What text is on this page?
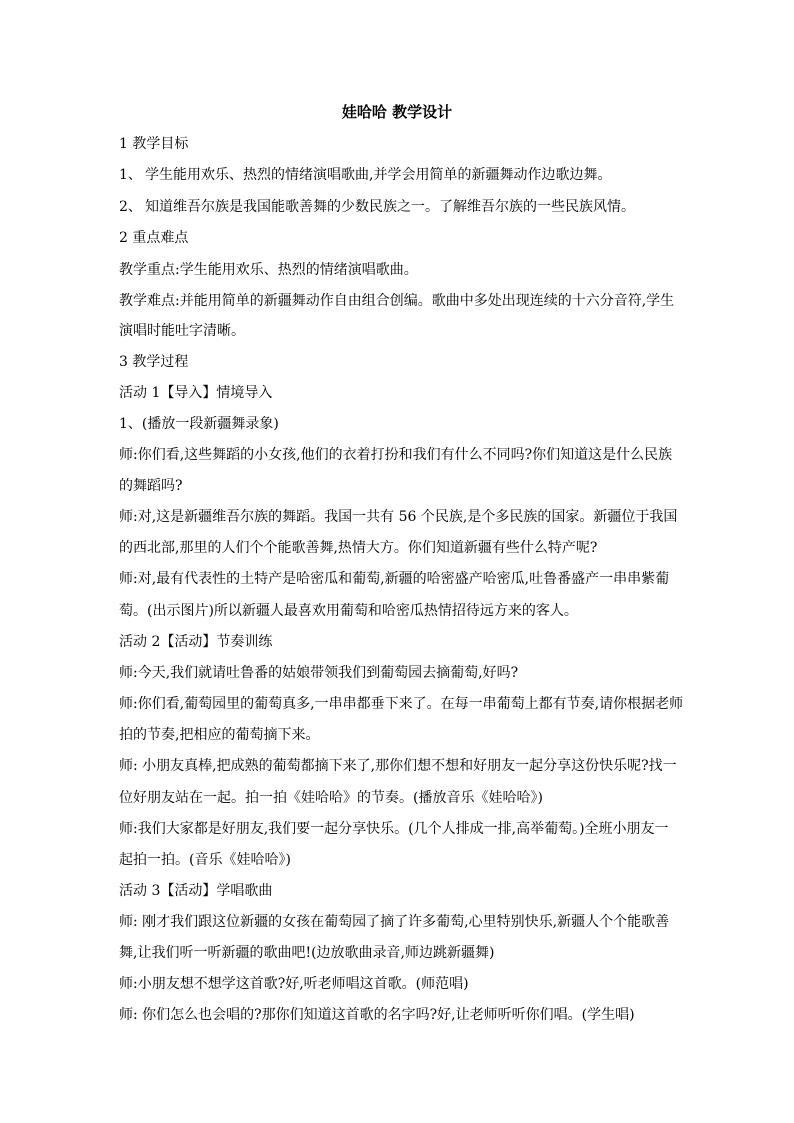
娃哈哈 教学设计
1 教学目标
1、 学生能用欢乐、热烈的情绪演唱歌曲,并学会用简单的新疆舞动作边歌边舞。
2、 知道维吾尔族是我国能歌善舞的少数民族之一。了解维吾尔族的一些民族风情。
2 重点难点
教学重点:学生能用欢乐、热烈的情绪演唱歌曲。
教学难点:并能用简单的新疆舞动作自由组合创编。歌曲中多处出现连续的十六分音符,学生
演唱时能吐字清晰。
3 教学过程
活动 1【导入】情境导入
1、(播放一段新疆舞录象)
师:你们看,这些舞蹈的小女孩,他们的衣着打扮和我们有什么不同吗?你们知道这是什么民族
的舞蹈吗?
师:对,这是新疆维吾尔族的舞蹈。我国一共有 56 个民族,是个多民族的国家。新疆位于我国
的西北部,那里的人们个个能歌善舞,热情大方。你们知道新疆有些什么特产呢?
师:对,最有代表性的土特产是哈密瓜和葡萄,新疆的哈密盛产哈密瓜,吐鲁番盛产一串串紫葡
萄。(出示图片)所以新疆人最喜欢用葡萄和哈密瓜热情招待远方来的客人。
活动 2【活动】节奏训练
师:今天,我们就请吐鲁番的姑娘带领我们到葡萄园去摘葡萄,好吗?
师:你们看,葡萄园里的葡萄真多,一串串都垂下来了。在每一串葡萄上都有节奏,请你根据老师
拍的节奏,把相应的葡萄摘下来。
师: 小朋友真棒,把成熟的葡萄都摘下来了,那你们想不想和好朋友一起分享这份快乐呢?找一
位好朋友站在一起。拍一拍《娃哈哈》的节奏。(播放音乐《娃哈哈》)
师:我们大家都是好朋友,我们要一起分享快乐。(几个人排成一排,高举葡萄。)全班小朋友一
起拍一拍。(音乐《娃哈哈》)
活动 3【活动】学唱歌曲
师: 刚才我们跟这位新疆的女孩在葡萄园了摘了许多葡萄,心里特别快乐,新疆人个个能歌善
舞,让我们听一听新疆的歌曲吧!(边放歌曲录音,师边跳新疆舞)
师:小朋友想不想学这首歌?好,听老师唱这首歌。(师范唱)
师: 你们怎么也会唱的?那你们知道这首歌的名字吗?好,让老师听听你们唱。(学生唱)
